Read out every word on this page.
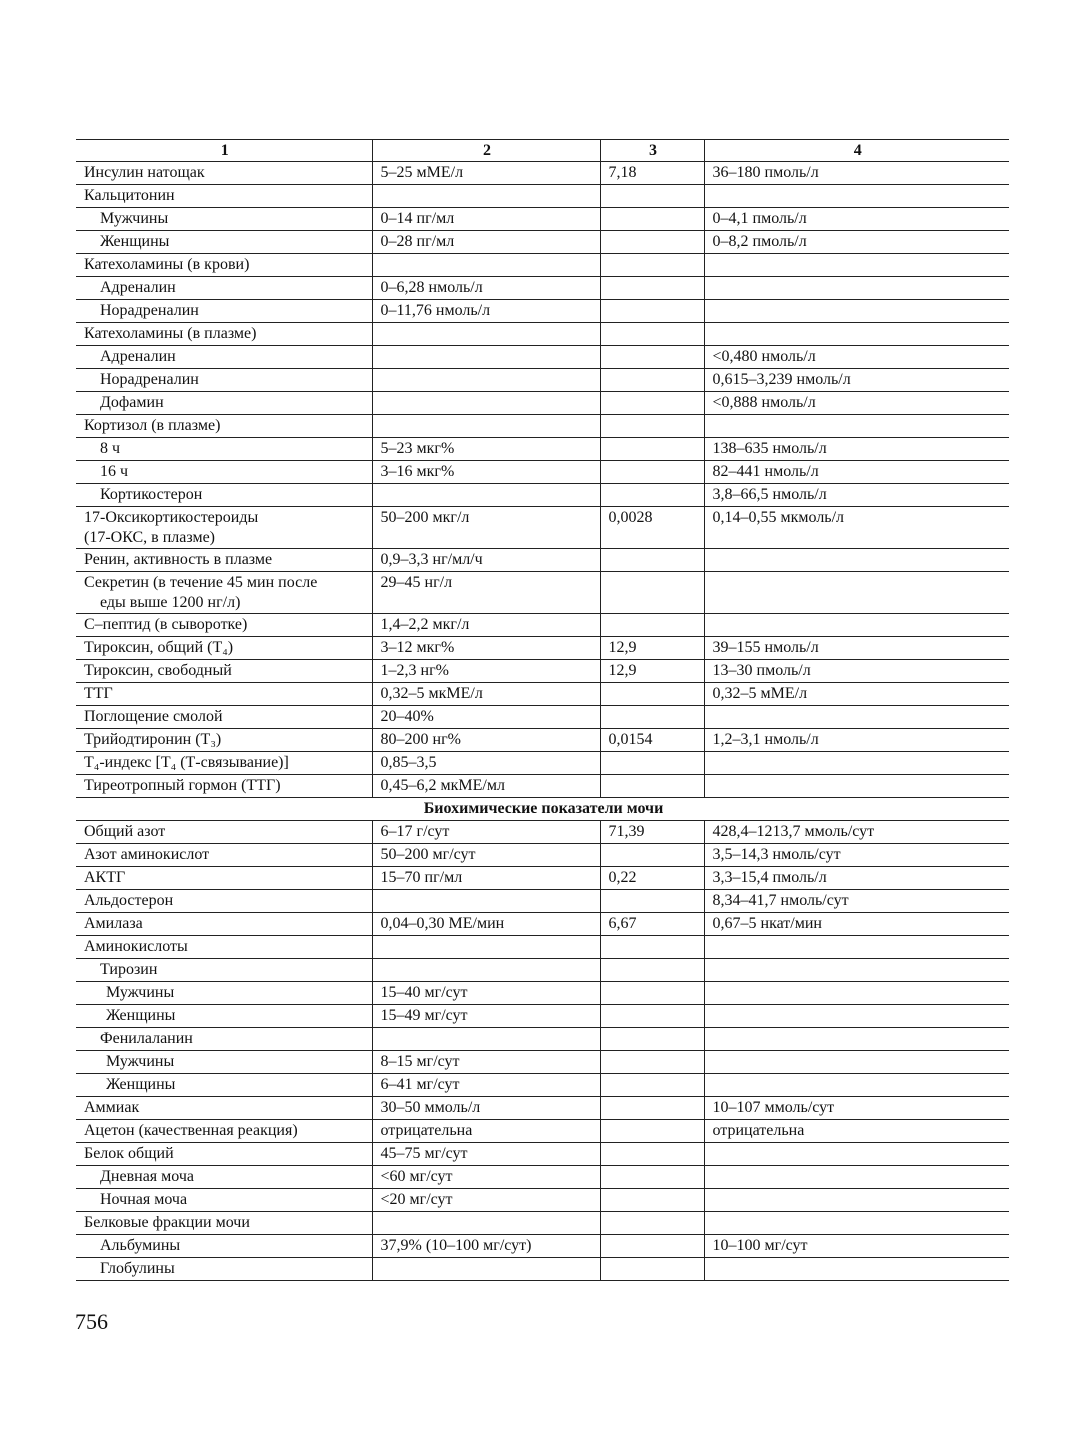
1	2	3	4
Инсулин натощак	5–25 мМЕ/л	7,18	36–180 пмоль/л
Кальцитонин			
Мужчины	0–14 пг/мл		0–4,1 пмоль/л
Женщины	0–28 пг/мл		0–8,2 пмоль/л
Катехоламины (в крови)			
Адреналин	0–6,28 нмоль/л		
Норадреналин	0–11,76 нмоль/л		
Катехоламины (в плазме)			
Адреналин			<0,480 нмоль/л
Норадреналин			0,615–3,239 нмоль/л
Дофамин			<0,888 нмоль/л
Кортизол (в плазме)			
8 ч	5–23 мкг%		138–635 нмоль/л
16 ч	3–16 мкг%		82–441 нмоль/л
Кортикостерон			3,8–66,5 нмоль/л
17-Оксикортикостероиды
(17-ОКС, в плазме)	50–200 мкг/л	0,0028	0,14–0,55 мкмоль/л
Ренин, активность в плазме	0,9–3,3 нг/мл/ч		
Секретин (в течение 45 мин после
еды выше 1200 нг/л)	29–45 нг/л		
С–пептид (в сыворотке)	1,4–2,2 мкг/л		
Тироксин, общий (Т₄)	3–12 мкг%	12,9	39–155 нмоль/л
Тироксин, свободный	1–2,3 нг%	12,9	13–30 пмоль/л
ТТГ	0,32–5 мкМЕ/л		0,32–5 мМЕ/л
Поглощение смолой	20–40%		
Трийодтиронин (Т₃)	80–200 нг%	0,0154	1,2–3,1 нмоль/л
Т₄-индекс [Т₄ (Т-связывание)]	0,85–3,5		
Тиреотропный гормон (ТТГ)	0,45–6,2 мкМЕ/мл		
Биохимические показатели мочи			
Общий азот	6–17 г/сут	71,39	428,4–1213,7 ммоль/сут
Азот аминокислот	50–200 мг/сут		3,5–14,3 нмоль/сут
АКТГ	15–70 пг/мл	0,22	3,3–15,4 пмоль/л
Альдостерон			8,34–41,7 нмоль/сут
Амилаза	0,04–0,30 МЕ/мин	6,67	0,67–5 нкат/мин
Аминокислоты			
Тирозин			
Мужчины	15–40 мг/сут		
Женщины	15–49 мг/сут		
Фенилаланин			
Мужчины	8–15 мг/сут		
Женщины	6–41 мг/сут		
Аммиак	30–50 ммоль/л		10–107 ммоль/сут
Ацетон (качественная реакция)	отрицательна		отрицательна
Белок общий	45–75 мг/сут		
Дневная моча	<60 мг/сут		
Ночная моча	<20 мг/сут		
Белковые фракции мочи			
Альбумины	37,9% (10–100 мг/сут)		10–100 мг/сут
Глобулины			
756
